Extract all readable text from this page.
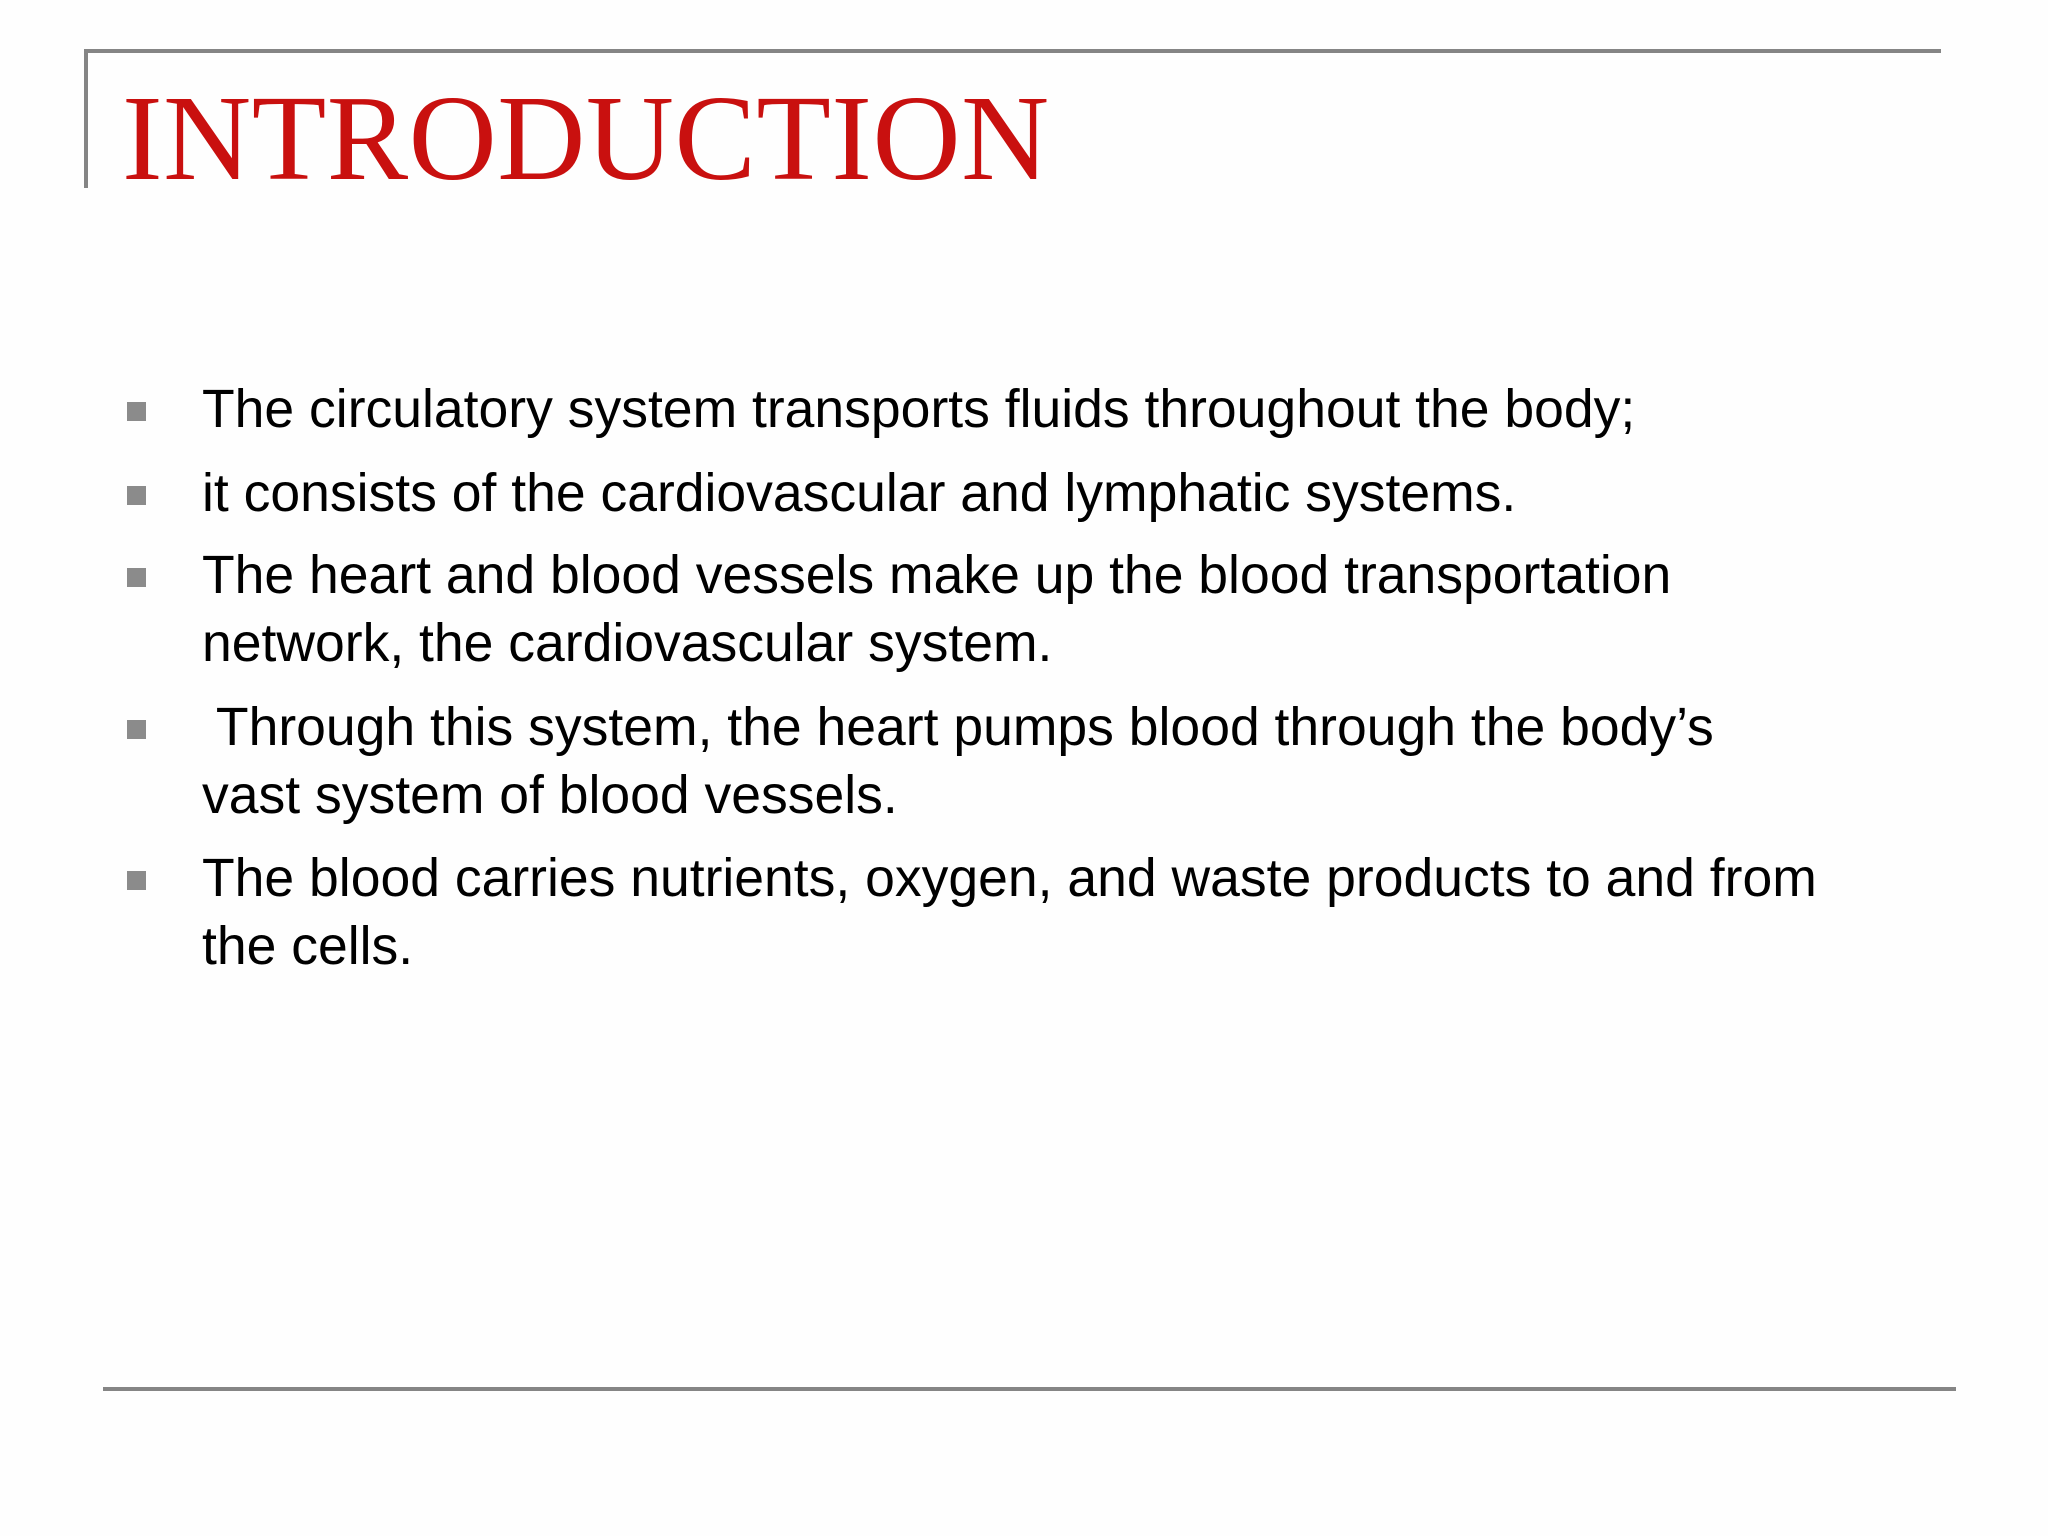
INTRODUCTION
The circulatory system transports fluids throughout the body;
it consists of the cardiovascular and lymphatic systems.
The heart and blood vessels make up the blood transportation
network, the cardiovascular system.
Through this system, the heart pumps blood through the body’s
vast system of blood vessels.
The blood carries nutrients, oxygen, and waste products to and from
the cells.
